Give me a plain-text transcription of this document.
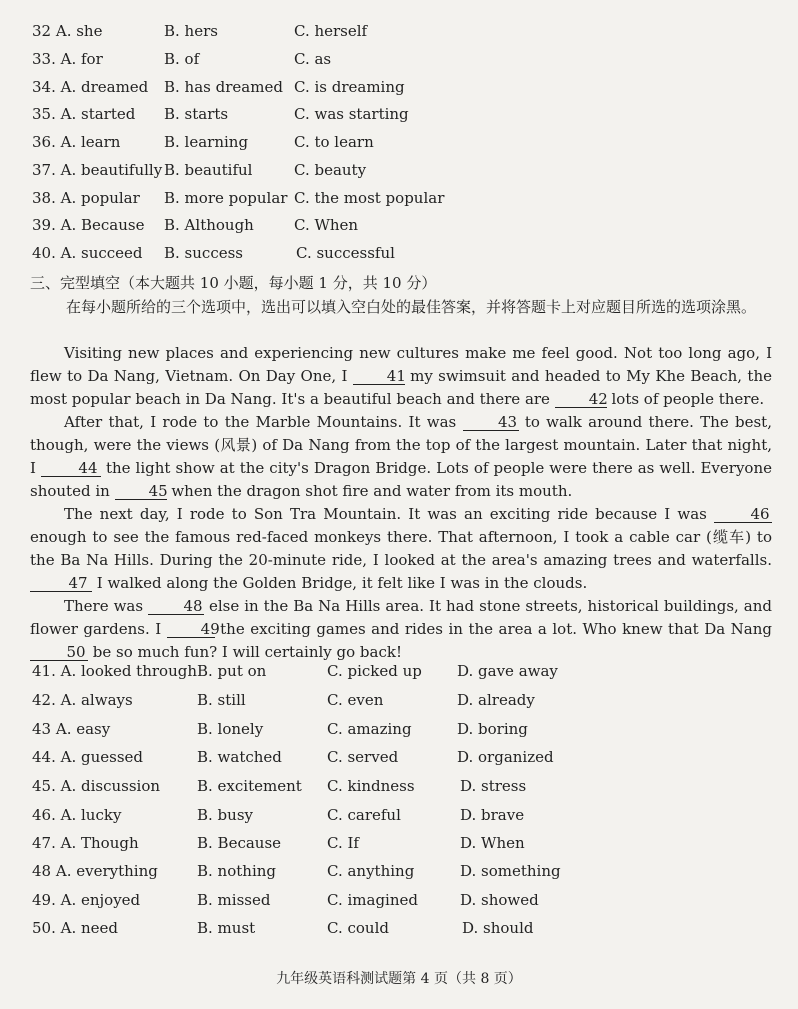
32 A. she	B. hers	C. herself
33. A. for	B. of	C. as
34. A. dreamed B. has dreamed C. is dreaming
35. A. started B. starts	C. was starting
36. A. learn	B. learning	C. to learn
37. A. beautifully B. beautiful	C. beauty
38. A. popular B. more popular C. the most popular
39. A. Because B. Although	C. When
40. A. succeed B. success	C. successful
三、完型填空（本大题共 10 小题，每小题 1 分，共 10 分）
在每小题所给的三个选项中，选出可以填入空白处的最佳答案，并将答题卡上对应题目所选的选项涂黑。

Visiting new places and experiencing new cultures make me feel good. Not too long ago, I flew to Da Nang, Vietnam. On Day One, I 41 my swimsuit and headed to My Khe Beach, the most popular beach in Da Nang. It's a beautiful beach and there are 42 lots of people there.

After that, I rode to the Marble Mountains. It was 43 to walk around there. The best, though, were the views (风景) of Da Nang from the top of the largest mountain. Later that night, I 44 the light show at the city's Dragon Bridge. Lots of people were there as well. Everyone shouted in 45 when the dragon shot fire and water from its mouth.

The next day, I rode to Son Tra Mountain. It was an exciting ride because I was 46 enough to see the famous red-faced monkeys there. That afternoon, I took a cable car (缆车) to the Ba Na Hills. During the 20-minute ride, I looked at the area's amazing trees and waterfalls. 47 I walked along the Golden Bridge, it felt like I was in the clouds.

There was 48 else in the Ba Na Hills area. It had stone streets, historical buildings, and flower gardens. I 49 the exciting games and rides in the area a lot. Who knew that Da Nang 50 be so much fun? I will certainly go back!

41. A. looked through B. put on	C. picked up D. gave away
42. A. always	B. still	C. even	D. already
43 A. easy	B. lonely	C. amazing	D. boring
44. A. guessed	B. watched	C. served	D. organized
45. A. discussion B. excitement C. kindness	D. stress
46. A. lucky	B. busy	C. careful	D. brave
47. A. Though	B. Because	C. If	D. When
48 A. everything	B. nothing	C. anything	D. something
49. A. enjoyed	B. missed	C. imagined	D. showed
50. A. need	B. must	C. could	D. should
九年级英语科测试题第 4 页（共 8 页）
